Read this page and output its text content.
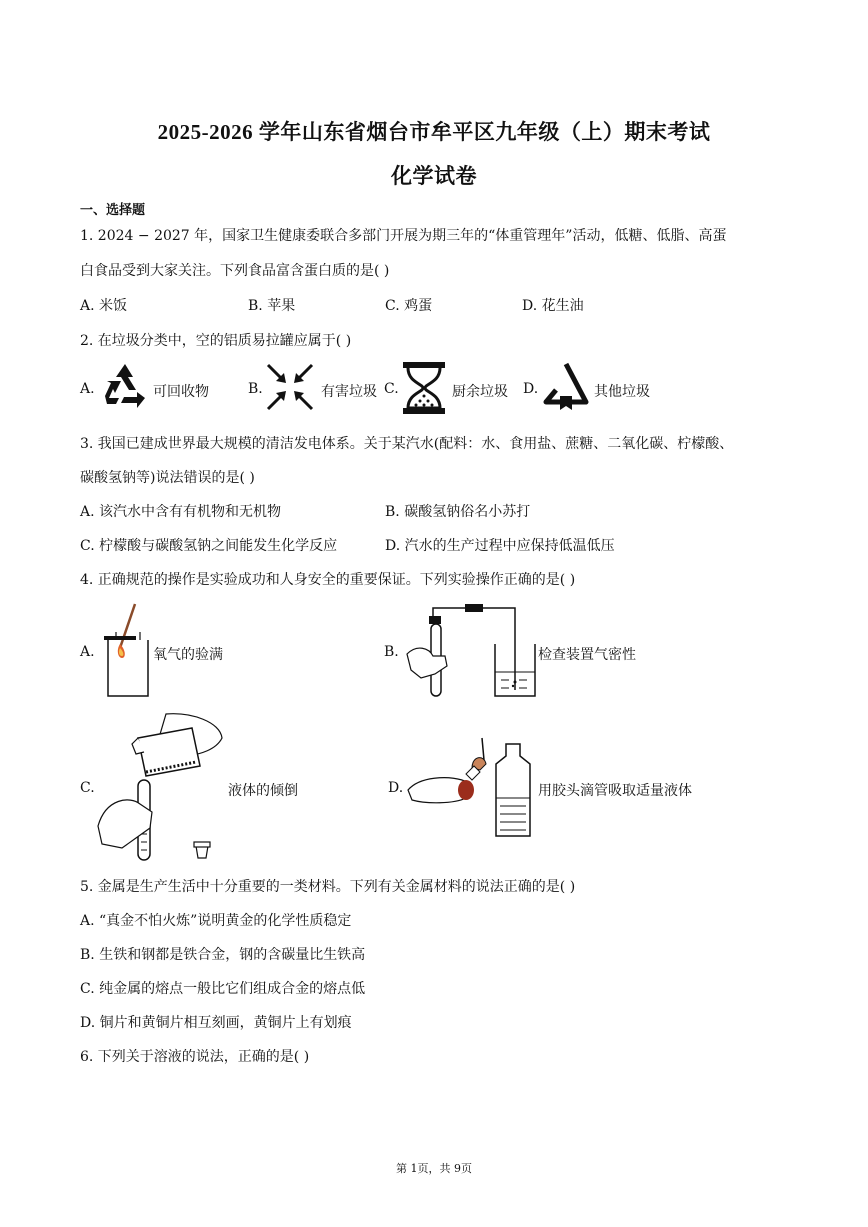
2025-2026 学年山东省烟台市牟平区九年级（上）期末考试
化学试卷
一、选择题
1. 2024 − 2027 年，国家卫生健康委联合多部门开展为期三年的“体重管理年”活动，低糖、低脂、高蛋
白食品受到大家关注。下列食品富含蛋白质的是( )
A. 米饭	B. 苹果	C. 鸡蛋	D. 花生油
2. 在垃圾分类中，空的铝质易拉罐应属于( )
A.	可回收物	B.	有害垃圾 C.	厨余垃圾 D.	其他垃圾
3. 我国已建成世界最大规模的清洁发电体系。关于某汽水(配料：水、食用盐、蔗糖、二氧化碳、柠檬酸、
碳酸氢钠等)说法错误的是( )
A. 该汽水中含有有机物和无机物	B. 碳酸氢钠俗名小苏打
C. 柠檬酸与碳酸氢钠之间能发生化学反应	D. 汽水的生产过程中应保持低温低压
4. 正确规范的操作是实验成功和人身安全的重要保证。下列实验操作正确的是( )
A.	氧气的验满	B.	检查装置气密性
C.	液体的倾倒	D.	用胶头滴管吸取适量液体
5. 金属是生产生活中十分重要的一类材料。下列有关金属材料的说法正确的是( )
A. “真金不怕火炼”说明黄金的化学性质稳定
B. 生铁和钢都是铁合金，钢的含碳量比生铁高
C. 纯金属的熔点一般比它们组成合金的熔点低
D. 铜片和黄铜片相互刻画，黄铜片上有划痕
6. 下列关于溶液的说法，正确的是( )
第 1页，共 9页
